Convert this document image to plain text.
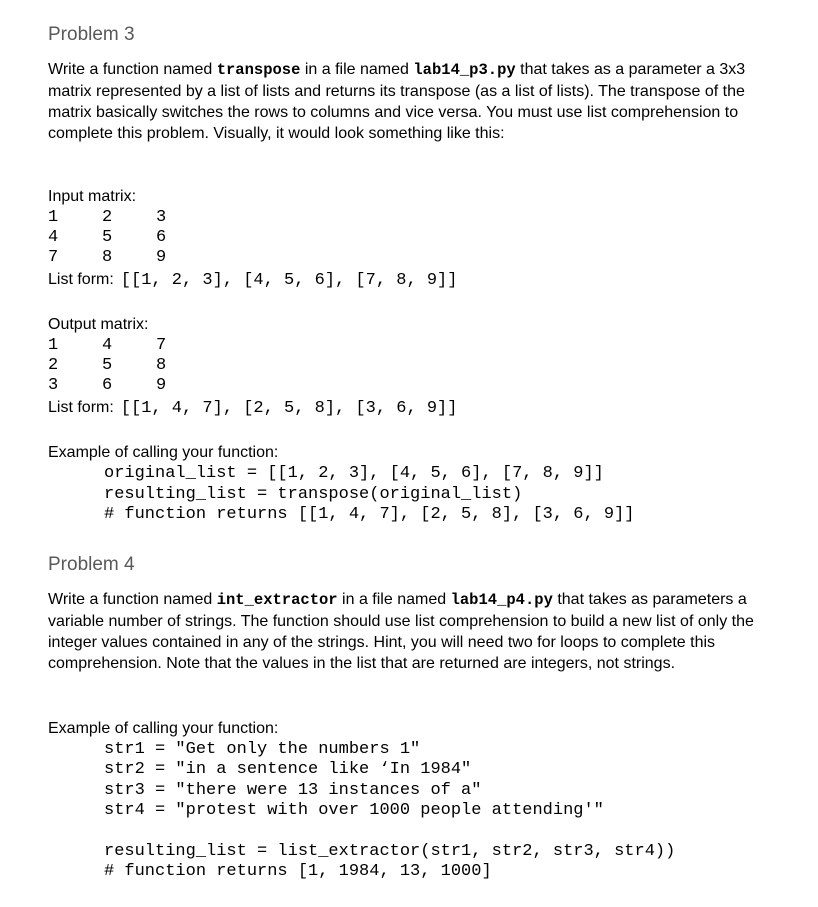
Problem 3

Write a function named transpose in a file named lab14_p3.py that takes as a parameter a 3x3 matrix represented by a list of lists and returns its transpose (as a list of lists). The transpose of the matrix basically switches the rows to columns and vice versa. You must use list comprehension to complete this problem. Visually, it would look something like this:

Input matrix:

1	2	3
4	5	6
7	8	9

List form: [[1, 2, 3], [4, 5, 6], [7, 8, 9]]

Output matrix:

1	4	7
2	5	8
3	6	9

List form: [[1, 4, 7], [2, 5, 8], [3, 6, 9]]

Example of calling your function:

original_list = [[1, 2, 3], [4, 5, 6], [7, 8, 9]]
resulting_list = transpose(original_list)
# function returns [[1, 4, 7], [2, 5, 8], [3, 6, 9]]
Problem 4

Write a function named int_extractor in a file named lab14_p4.py that takes as parameters a variable number of strings. The function should use list comprehension to build a new list of only the integer values contained in any of the strings. Hint, you will need two for loops to complete this comprehension. Note that the values in the list that are returned are integers, not strings.

Example of calling your function:

str1 = "Get only the numbers 1"
str2 = "in a sentence like ‘In 1984"
str3 = "there were 13 instances of a"
str4 = "protest with over 1000 people attending'"
resulting_list = list_extractor(str1, str2, str3, str4))
# function returns [1, 1984, 13, 1000]
